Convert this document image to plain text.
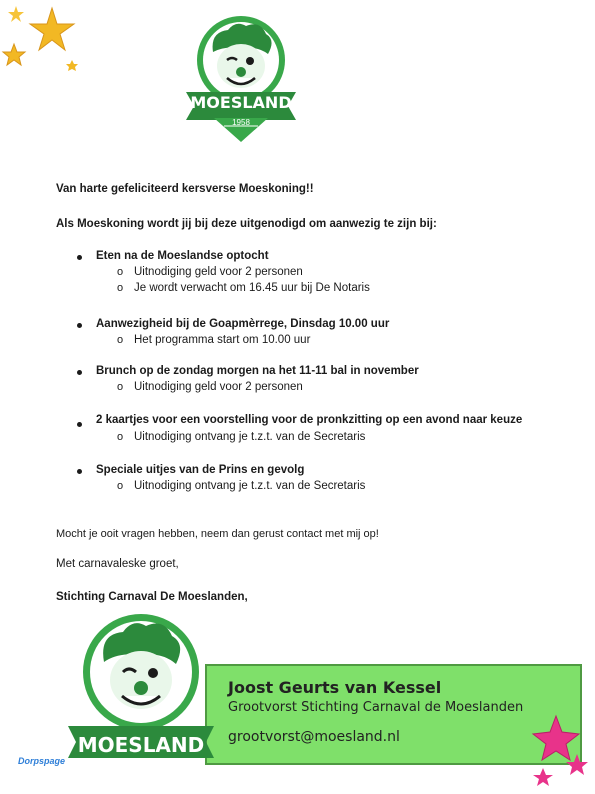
MOESLAND
1958
Van harte gefeliciteerd kersverse Moeskoning!!
Als Moeskoning wordt jij bij deze uitgenodigd om aanwezig te zijn bij:
Eten na de Moeslandse optocht
o Uitnodiging geld voor 2 personen
o Je wordt verwacht om 16.45 uur bij De Notaris
Aanwezigheid bij de Goapmèrrege, Dinsdag 10.00 uur
o Het programma start om 10.00 uur
Brunch op de zondag morgen na het 11-11 bal in november
o Uitnodiging geld voor 2 personen
2 kaartjes voor een voorstelling voor de pronkzitting op een avond naar keuze
o Uitnodiging ontvang je t.z.t. van de Secretaris
Speciale uitjes van de Prins en gevolg
o Uitnodiging ontvang je t.z.t. van de Secretaris
Mocht je ooit vragen hebben, neem dan gerust contact met mij op!
Met carnavaleske groet,
Stichting Carnaval De Moeslanden,
Joost Geurts van Kessel
Grootvorst Stichting Carnaval de Moeslanden
grootvorst@moesland.nl
MOESLAND
Dorpspage
